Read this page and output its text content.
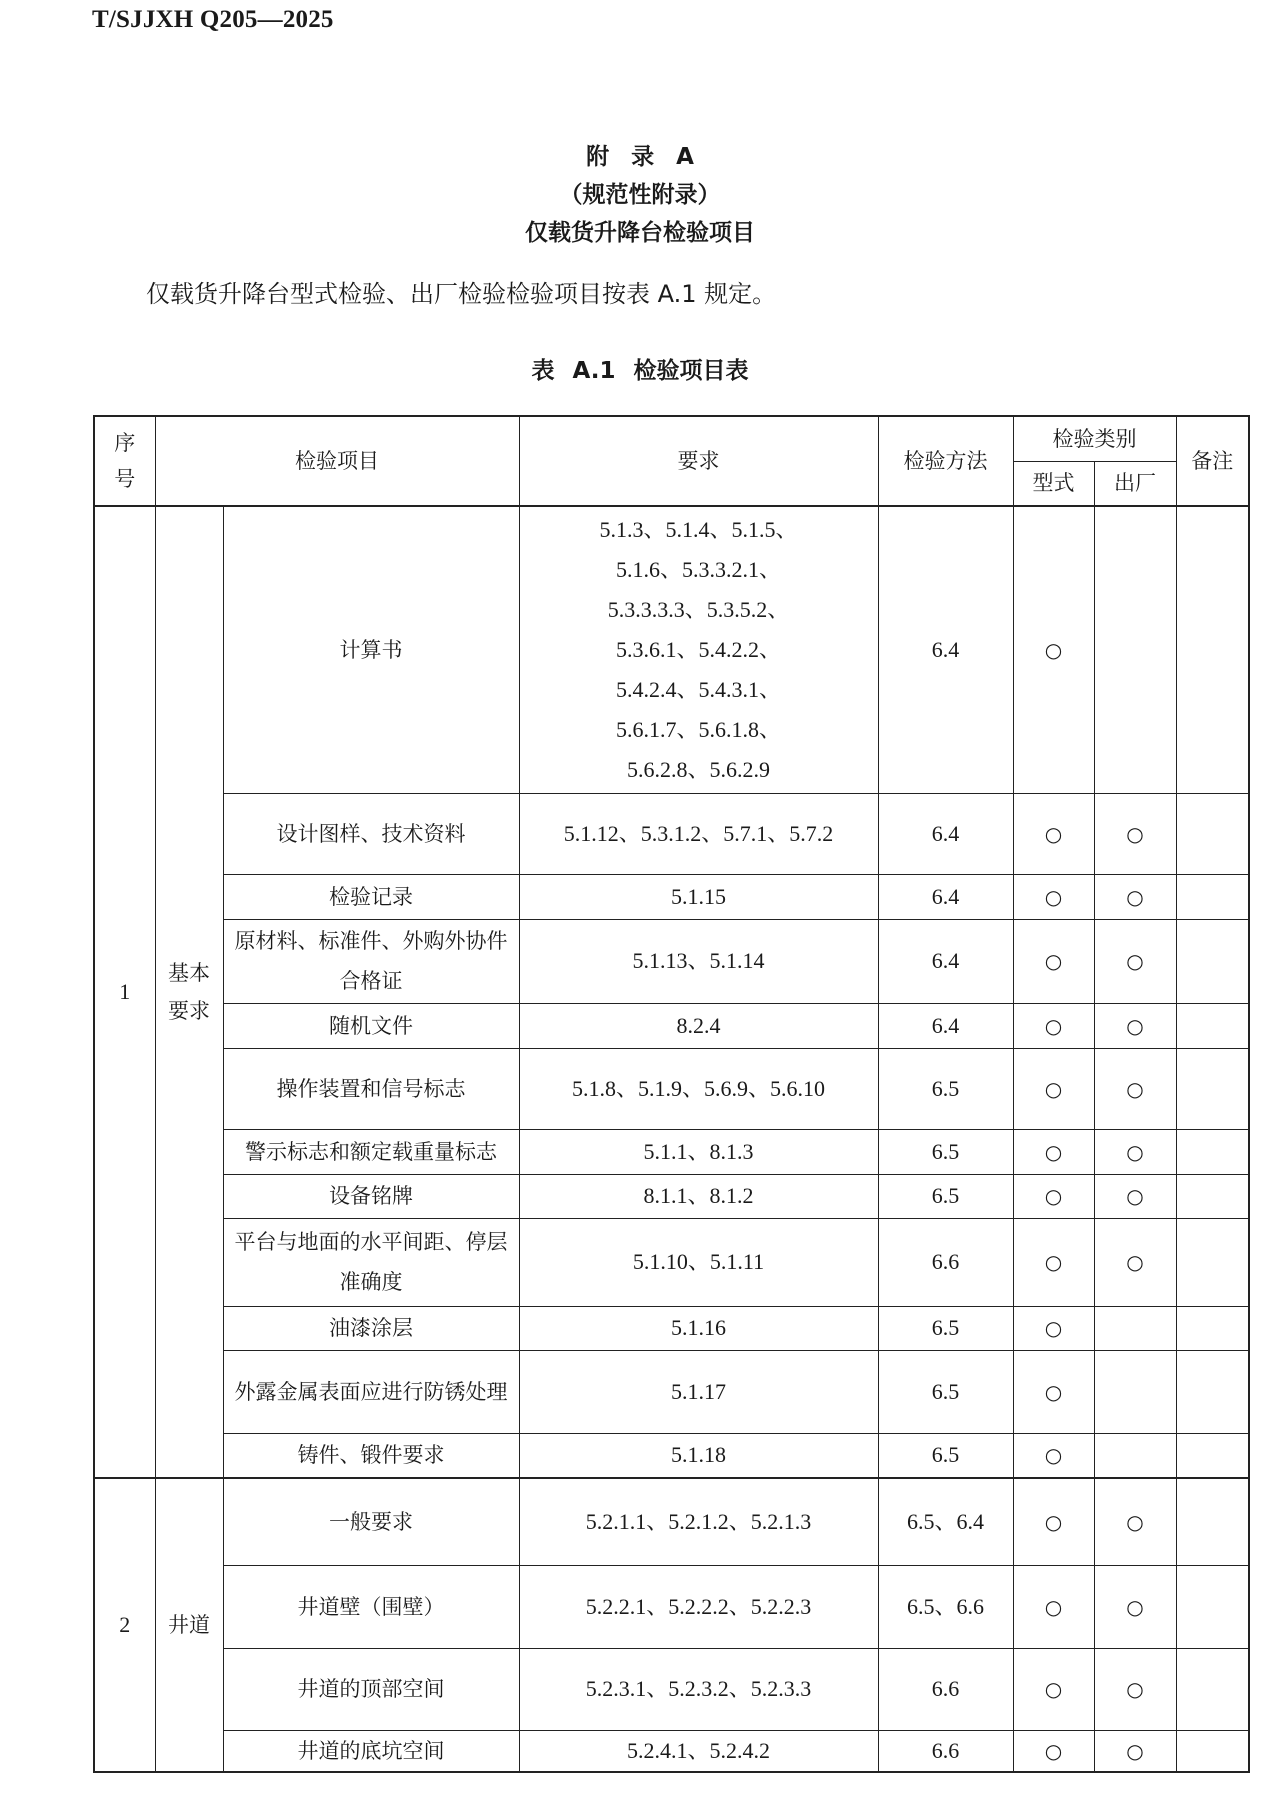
T/SJJXH Q205—2025
附 录 A
（规范性附录）
仅载货升降台检验项目
仅载货升降台型式检验、出厂检验检验项目按表 A.1 规定。
表 A.1 检验项目表
序号	检验项目		要求	检验方法	检验类别		备注
					型式	出厂	
1	基本要求	计算书	5.1.3、5.1.4、5.1.5、5.1.6、5.3.3.2.1、5.3.3.3.3、5.3.5.2、5.3.6.1、5.4.2.2、5.4.2.4、5.4.3.1、5.6.1.7、5.6.1.8、5.6.2.8、5.6.2.9	6.4	○		
		设计图样、技术资料	5.1.12、5.3.1.2、5.7.1、5.7.2	6.4	○	○	
		检验记录	5.1.15	6.4	○	○	
		原材料、标准件、外购外协件合格证	5.1.13、5.1.14	6.4	○	○	
		随机文件	8.2.4	6.4	○	○	
		操作装置和信号标志	5.1.8、5.1.9、5.6.9、5.6.10	6.5	○	○	
		警示标志和额定载重量标志	5.1.1、8.1.3	6.5	○	○	
		设备铭牌	8.1.1、8.1.2	6.5	○	○	
		平台与地面的水平间距、停层准确度	5.1.10、5.1.11	6.6	○	○	
		油漆涂层	5.1.16	6.5	○		
		外露金属表面应进行防锈处理	5.1.17	6.5	○		
		铸件、锻件要求	5.1.18	6.5	○		
2	井道	一般要求	5.2.1.1、5.2.1.2、5.2.1.3	6.5、6.4	○	○	
		井道壁（围壁）	5.2.2.1、5.2.2.2、5.2.2.3	6.5、6.6	○	○	
		井道的顶部空间	5.2.3.1、5.2.3.2、5.2.3.3	6.6	○	○	
		井道的底坑空间	5.2.4.1、5.2.4.2	6.6	○	○	
